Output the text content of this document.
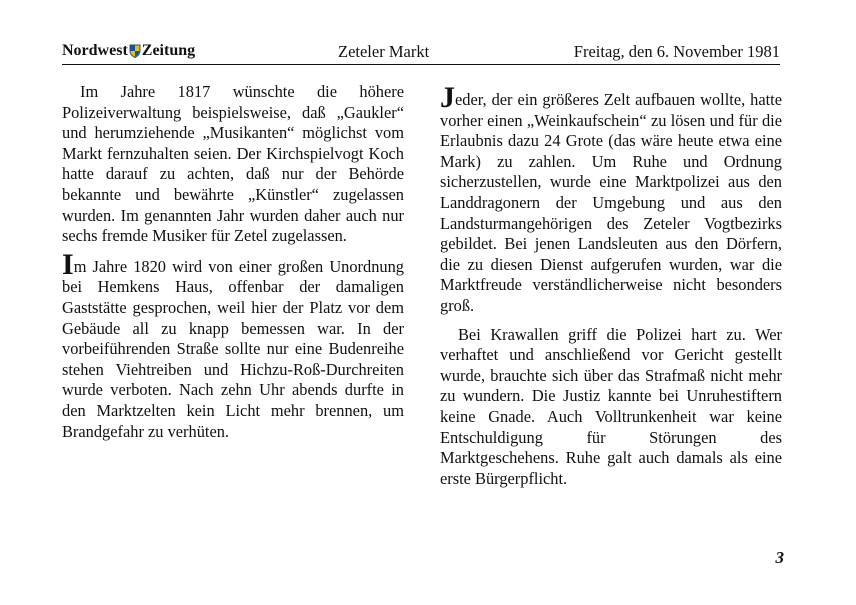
Nordwest Zeitung	Zeteler Markt	Freitag, den 6. November 1981

Im Jahre 1817 wünschte die höhere Polizeiverwaltung beispielsweise, daß „Gaukler“ und herumziehende „Musikanten“ möglichst vom Markt fernzuhalten seien. Der Kirchspielvogt Koch hatte darauf zu achten, daß nur der Behörde bekannte und bewährte „Künstler“ zugelassen wurden. Im genannten Jahr wurden daher auch nur sechs fremde Musiker für Zetel zugelassen.

Im Jahre 1820 wird von einer großen Unordnung bei Hemkens Haus, offenbar der damaligen Gaststätte gesprochen, weil hier der Platz vor dem Gebäude all zu knapp bemessen war. In der vorbeiführenden Straße sollte nur eine Budenreihe stehen Viehtreiben und Hichzu-Roß-Durchreiten wurde verboten. Nach zehn Uhr abends durfte in den Marktzelten kein Licht mehr brennen, um Brandgefahr zu verhüten.

Jeder, der ein größeres Zelt aufbauen wollte, hatte vorher einen „Weinkaufschein“ zu lösen und für die Erlaubnis dazu 24 Grote (das wäre heute etwa eine Mark) zu zahlen. Um Ruhe und Ordnung sicherzustellen, wurde eine Marktpolizei aus den Landdragonern der Umgebung und aus den Landsturmangehörigen des Zeteler Vogtbezirks gebildet. Bei jenen Landsleuten aus den Dörfern, die zu diesen Dienst aufgerufen wurden, war die Marktfreude verständlicherweise nicht besonders groß.

Bei Krawallen griff die Polizei hart zu. Wer verhaftet und anschließend vor Gericht gestellt wurde, brauchte sich über das Strafmaß nicht mehr zu wundern. Die Justiz kannte bei Unruhestiftern keine Gnade. Auch Volltrunkenheit war keine Entschuldigung für Störungen des Marktgeschehens. Ruhe galt auch damals als eine erste Bürgerpflicht.

3
